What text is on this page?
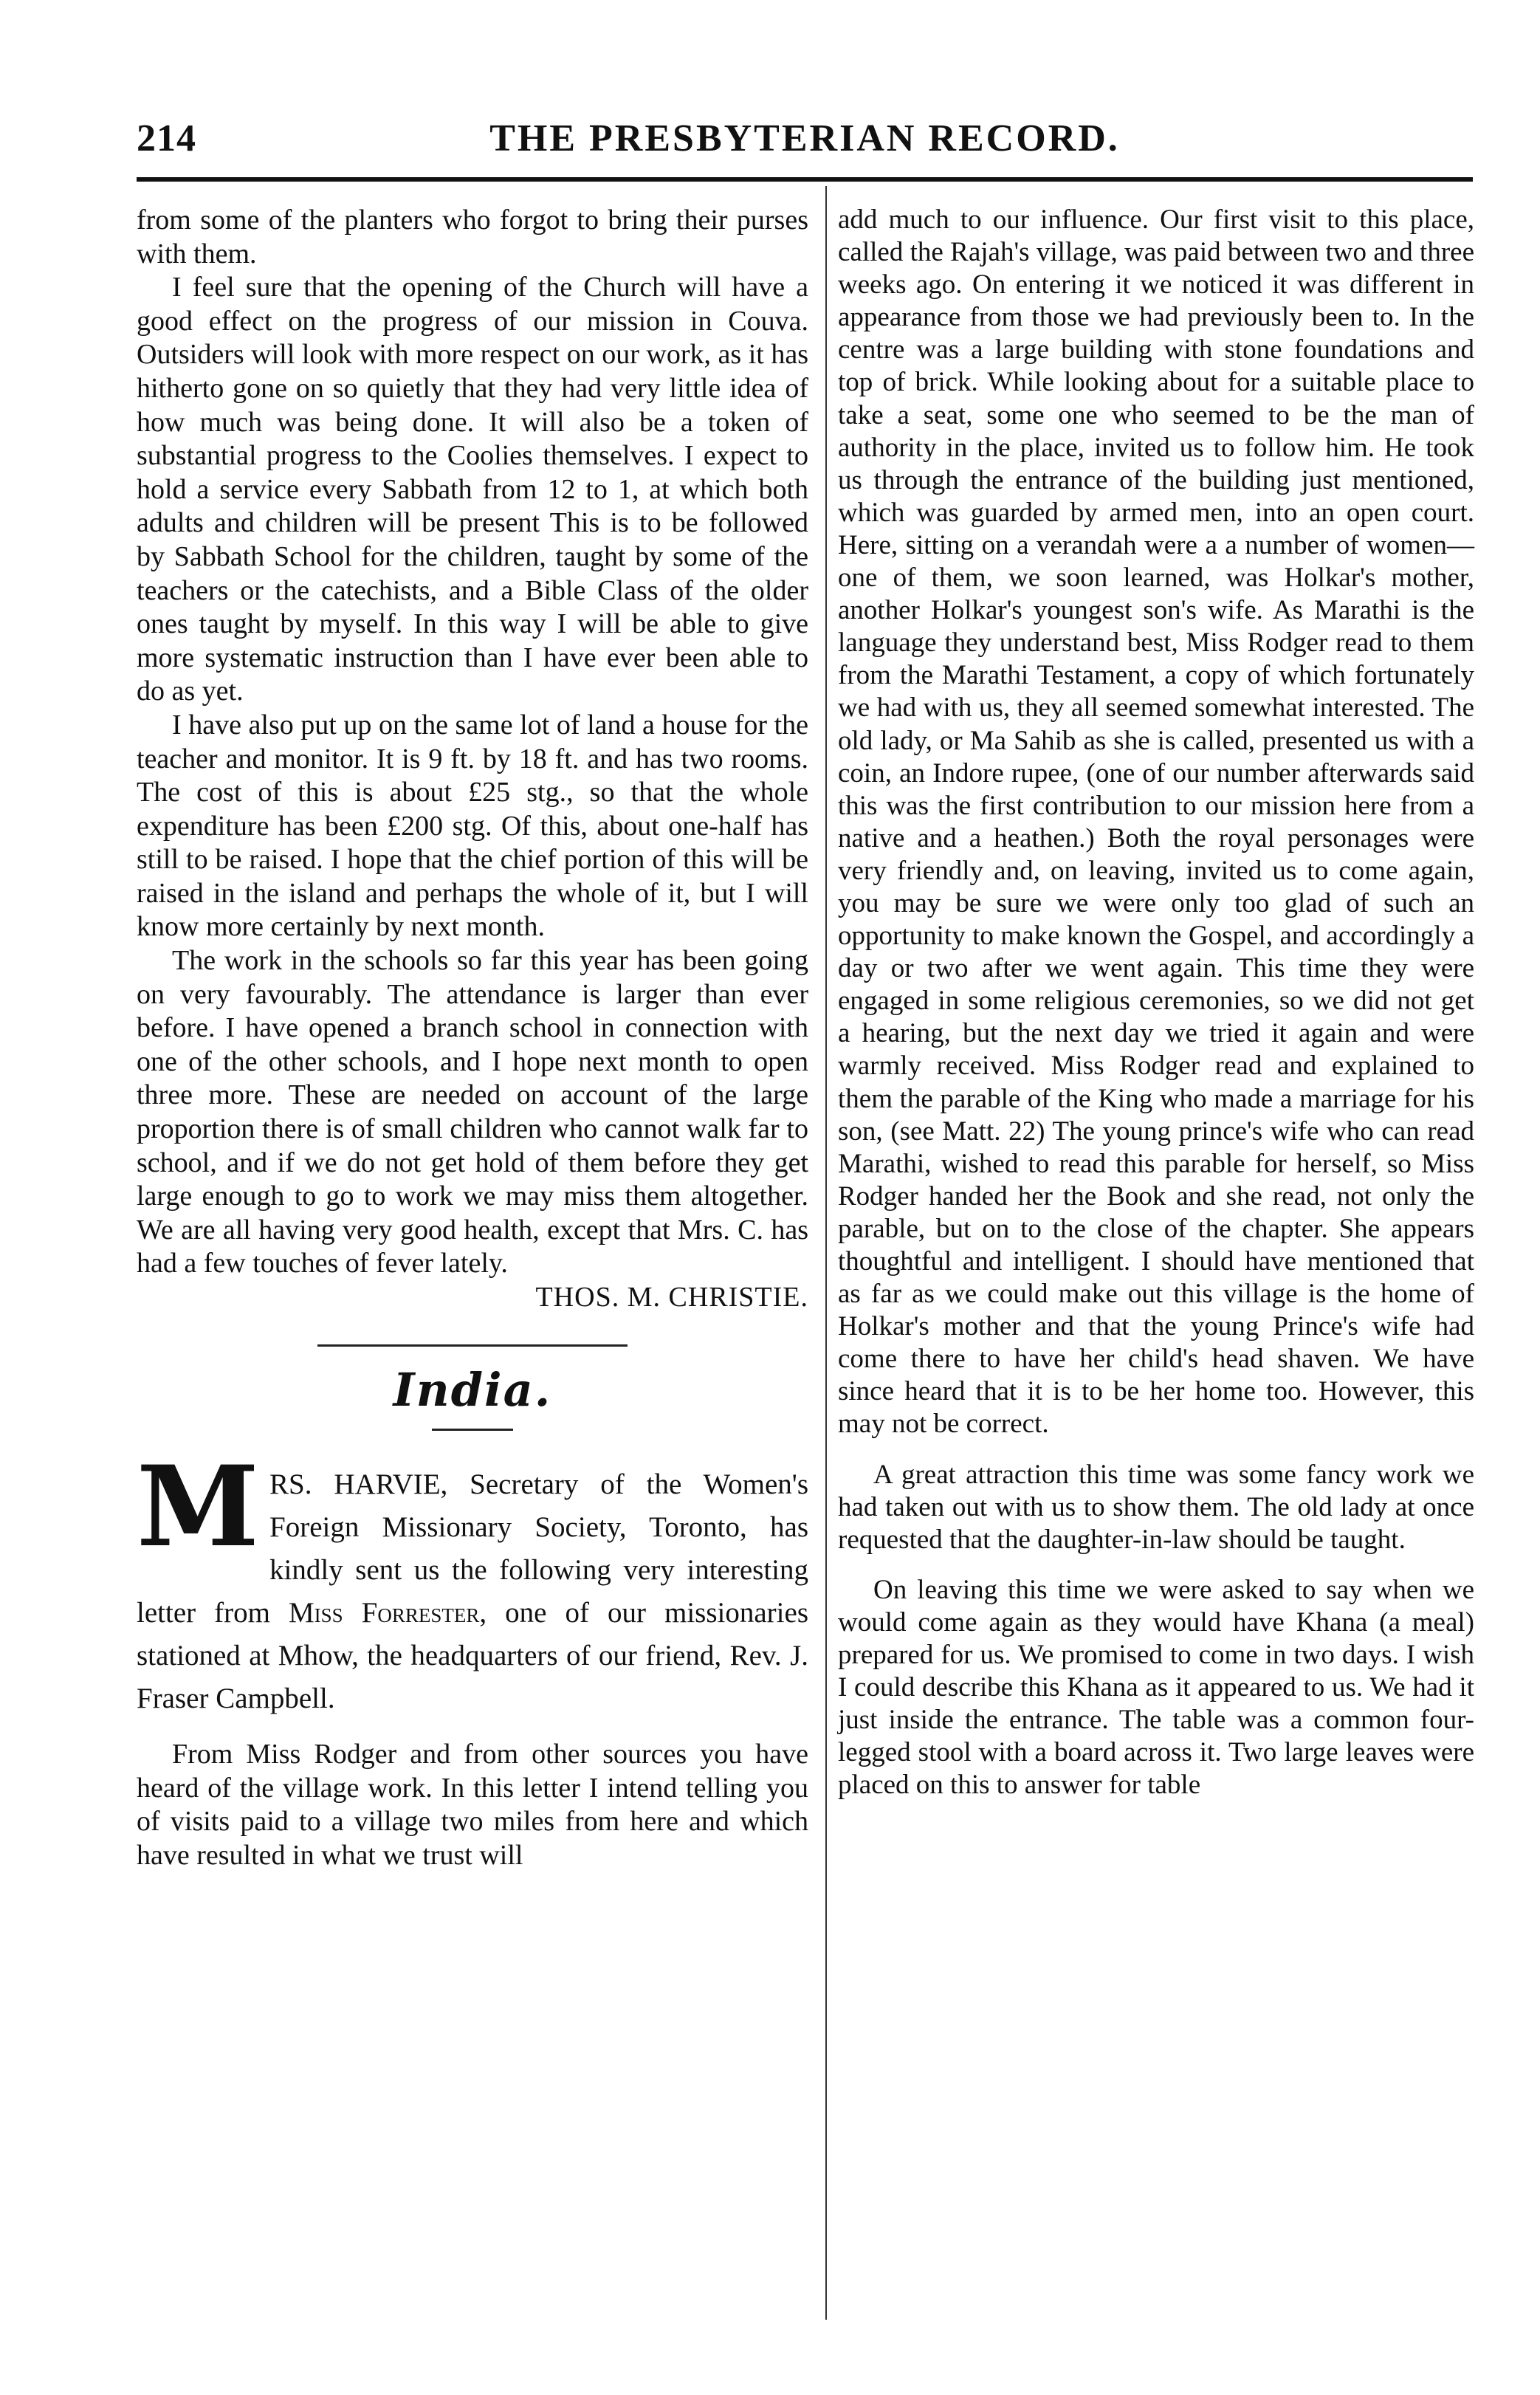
214	THE PRESBYTERIAN RECORD.

from some of the planters who forgot to bring their purses with them.

I feel sure that the opening of the Church will have a good effect on the progress of our mission in Couva. Outsiders will look with more respect on our work, as it has hitherto gone on so quietly that they had very little idea of how much was being done. It will also be a token of substantial progress to the Coolies themselves. I expect to hold a service every Sabbath from 12 to 1, at which both adults and children will be present This is to be followed by Sabbath School for the children, taught by some of the teachers or the catechists, and a Bible Class of the older ones taught by myself. In this way I will be able to give more systematic instruction than I have ever been able to do as yet.

I have also put up on the same lot of land a house for the teacher and monitor. It is 9 ft. by 18 ft. and has two rooms. The cost of this is about £25 stg., so that the whole expenditure has been £200 stg. Of this, about one-half has still to be raised. I hope that the chief portion of this will be raised in the island and perhaps the whole of it, but I will know more certainly by next month.

The work in the schools so far this year has been going on very favourably. The attendance is larger than ever before. I have opened a branch school in connection with one of the other schools, and I hope next month to open three more. These are needed on account of the large proportion there is of small children who cannot walk far to school, and if we do not get hold of them before they get large enough to go to work we may miss them altogether. We are all having very good health, except that Mrs. C. has had a few touches of fever lately.

THOS. M. CHRISTIE.

India.

MRS. HARVIE, Secretary of the Women's Foreign Missionary Society, Toronto, has kindly sent us the following very interesting letter from Miss Forrester, one of our missionaries stationed at Mhow, the headquarters of our friend, Rev. J. Fraser Campbell.

From Miss Rodger and from other sources you have heard of the village work. In this letter I intend telling you of visits paid to a village two miles from here and which have resulted in what we trust will

add much to our influence. Our first visit to this place, called the Rajah's village, was paid between two and three weeks ago. On entering it we noticed it was different in appearance from those we had previously been to. In the centre was a large building with stone foundations and top of brick. While looking about for a suitable place to take a seat, some one who seemed to be the man of authority in the place, invited us to follow him. He took us through the entrance of the building just mentioned, which was guarded by armed men, into an open court. Here, sitting on a verandah were a a number of women—one of them, we soon learned, was Holkar's mother, another Holkar's youngest son's wife. As Marathi is the language they understand best, Miss Rodger read to them from the Marathi Testament, a copy of which fortunately we had with us, they all seemed somewhat interested. The old lady, or Ma Sahib as she is called, presented us with a coin, an Indore rupee, (one of our number afterwards said this was the first contribution to our mission here from a native and a heathen.) Both the royal personages were very friendly and, on leaving, invited us to come again, you may be sure we were only too glad of such an opportunity to make known the Gospel, and accordingly a day or two after we went again. This time they were engaged in some religious ceremonies, so we did not get a hearing, but the next day we tried it again and were warmly received. Miss Rodger read and explained to them the parable of the King who made a marriage for his son, (see Matt. 22) The young prince's wife who can read Marathi, wished to read this parable for herself, so Miss Rodger handed her the Book and she read, not only the parable, but on to the close of the chapter. She appears thoughtful and intelligent. I should have mentioned that as far as we could make out this village is the home of Holkar's mother and that the young Prince's wife had come there to have her child's head shaven. We have since heard that it is to be her home too. However, this may not be correct.

A great attraction this time was some fancy work we had taken out with us to show them. The old lady at once requested that the daughter-in-law should be taught.

On leaving this time we were asked to say when we would come again as they would have Khana (a meal) prepared for us. We promised to come in two days. I wish I could describe this Khana as it appeared to us. We had it just inside the entrance. The table was a common four-legged stool with a board across it. Two large leaves were placed on this to answer for table
